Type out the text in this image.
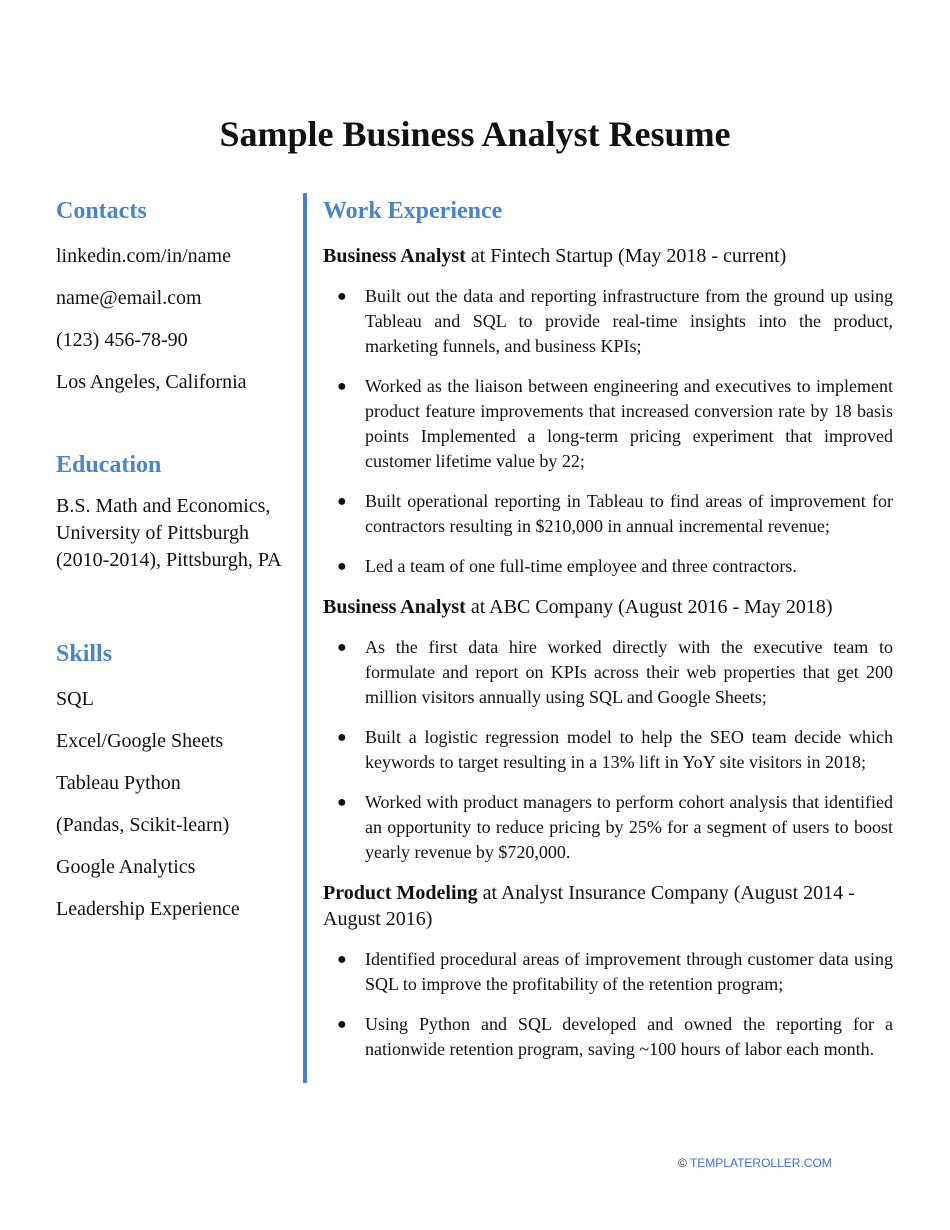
Sample Business Analyst Resume
Contacts

linkedin.com/in/name

name@email.com

(123) 456-78-90

Los Angeles, California

Education

B.S. Math and Economics,

University of Pittsburgh

(2010-2014), Pittsburgh, PA

Skills

SQL

Excel/Google Sheets

Tableau Python

(Pandas, Scikit-learn)

Google Analytics

Leadership Experience

Work Experience

Business Analyst at Fintech Startup (May 2018 - current)

● Built out the data and reporting infrastructure from the ground up using Tableau and SQL to provide real-time insights into the product, marketing funnels, and business KPIs;
● Worked as the liaison between engineering and executives to implement product feature improvements that increased conversion rate by 18 basis points Implemented a long-term pricing experiment that improved customer lifetime value by 22;
● Built operational reporting in Tableau to find areas of improvement for contractors resulting in $210,000 in annual incremental revenue;
● Led a team of one full-time employee and three contractors.

Business Analyst at ABC Company (August 2016 - May 2018)

● As the first data hire worked directly with the executive team to formulate and report on KPIs across their web properties that get 200 million visitors annually using SQL and Google Sheets;
● Built a logistic regression model to help the SEO team decide which keywords to target resulting in a 13% lift in YoY site visitors in 2018;
● Worked with product managers to perform cohort analysis that identified an opportunity to reduce pricing by 25% for a segment of users to boost yearly revenue by $720,000.

Product Modeling at Analyst Insurance Company (August 2014 - August 2016)

● Identified procedural areas of improvement through customer data using SQL to improve the profitability of the retention program;
● Using Python and SQL developed and owned the reporting for a nationwide retention program, saving ~100 hours of labor each month.
© TEMPLATEROLLER.COM
